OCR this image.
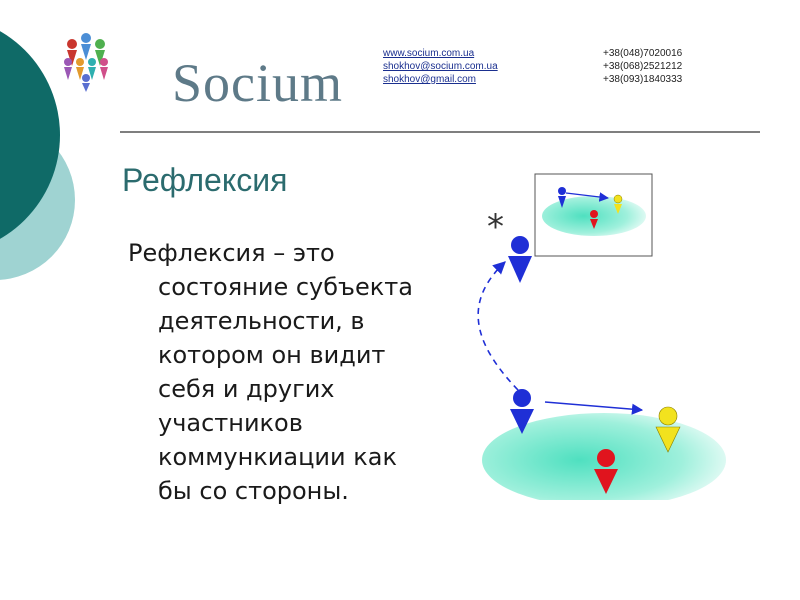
Socium	www.socium.com.ua
shokhov@socium.com.ua
shokhov@gmail.com
+38(048)7020016
+38(068)2521212
+38(093)1840333
Рефлексия
Рефлексия – это состояние субъекта деятельности, в котором он видит себя и других участников коммункиации как бы со стороны.
*
